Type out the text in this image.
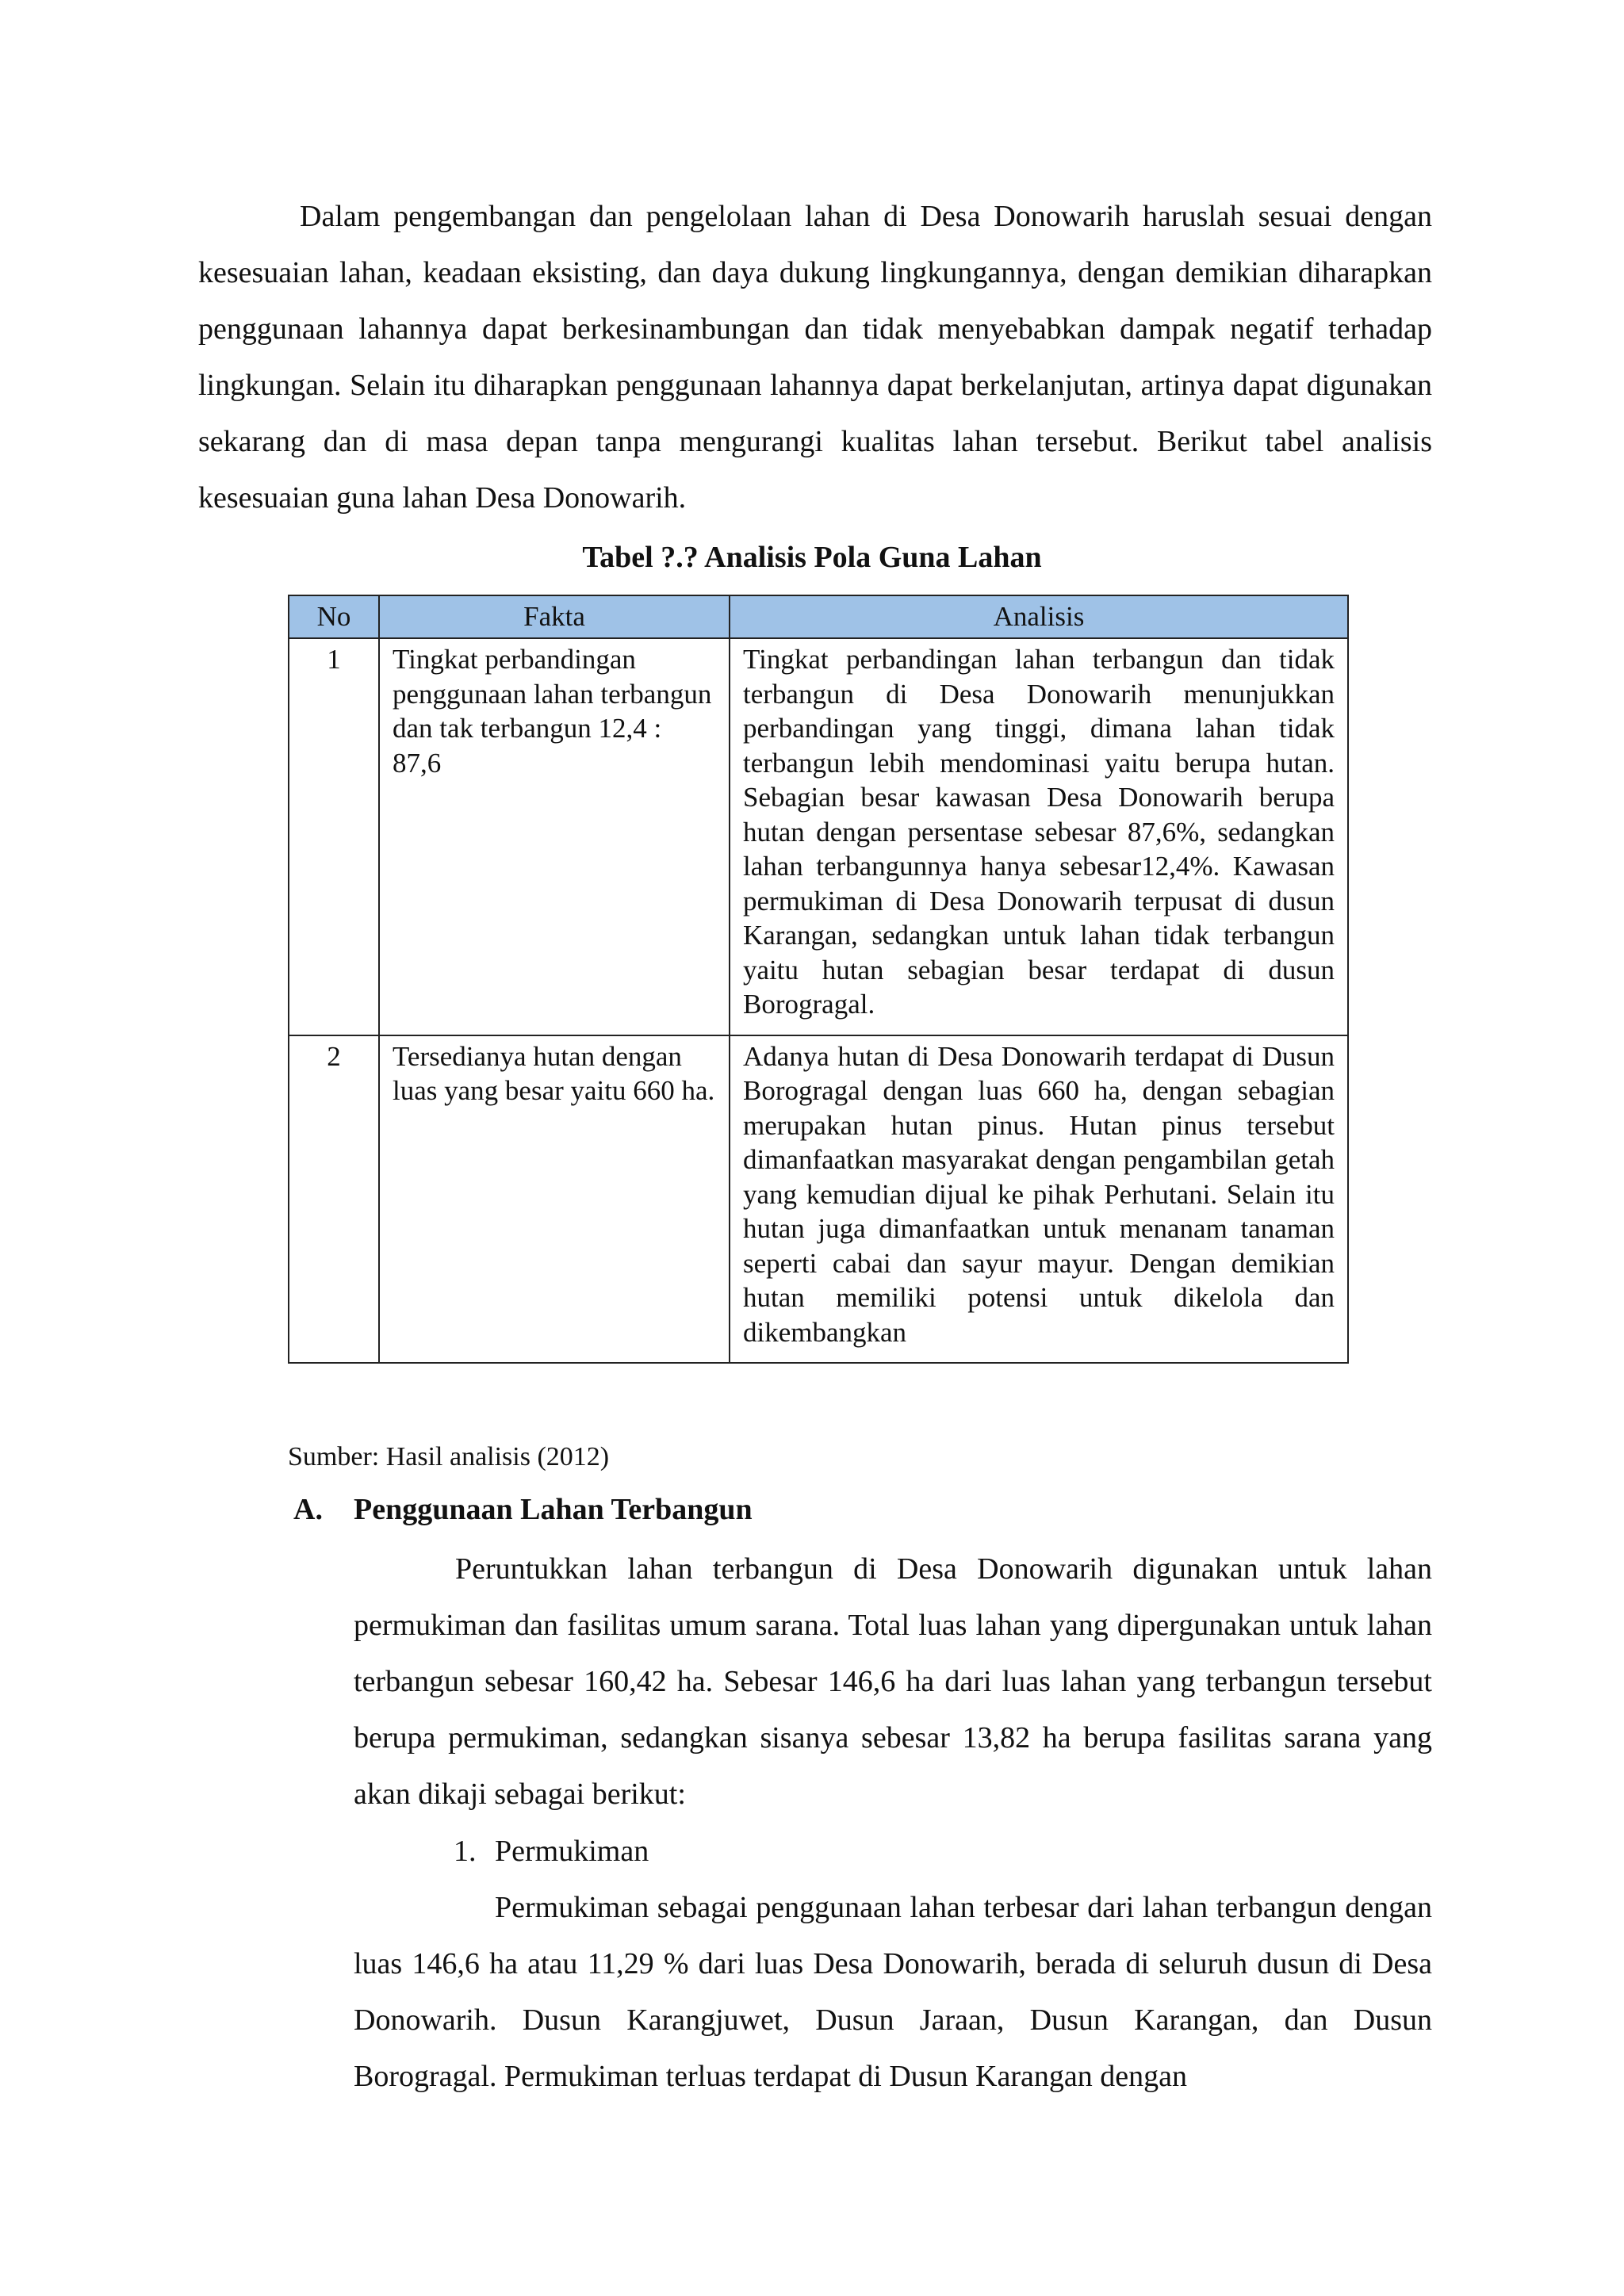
Dalam pengembangan dan pengelolaan lahan di Desa Donowarih haruslah sesuai dengan kesesuaian lahan, keadaan eksisting, dan daya dukung lingkungannya, dengan demikian diharapkan penggunaan lahannya dapat berkesinambungan dan tidak menyebabkan dampak negatif terhadap lingkungan. Selain itu diharapkan penggunaan lahannya dapat berkelanjutan, artinya dapat digunakan sekarang dan di masa depan tanpa mengurangi kualitas lahan tersebut. Berikut tabel analisis kesesuaian guna lahan Desa Donowarih.

Tabel ?.? Analisis Pola Guna Lahan

No	Fakta	Analisis
1	Tingkat perbandingan penggunaan lahan terbangun dan tak terbangun 12,4 : 87,6	Tingkat perbandingan lahan terbangun dan tidak terbangun di Desa Donowarih menunjukkan perbandingan yang tinggi, dimana lahan tidak terbangun lebih mendominasi yaitu berupa hutan. Sebagian besar kawasan Desa Donowarih berupa hutan dengan persentase sebesar 87,6%, sedangkan lahan terbangunnya hanya sebesar12,4%. Kawasan permukiman di Desa Donowarih terpusat di dusun Karangan, sedangkan untuk lahan tidak terbangun yaitu hutan sebagian besar terdapat di dusun Borogragal.
2	Tersedianya hutan dengan luas yang besar yaitu 660 ha.	Adanya hutan di Desa Donowarih terdapat di Dusun Borogragal dengan luas 660 ha, dengan sebagian merupakan hutan pinus. Hutan pinus tersebut dimanfaatkan masyarakat dengan pengambilan getah yang kemudian dijual ke pihak Perhutani. Selain itu hutan juga dimanfaatkan untuk menanam tanaman seperti cabai dan sayur mayur. Dengan demikian hutan memiliki potensi untuk dikelola dan dikembangkan

Sumber: Hasil analisis (2012)

A. Penggunaan Lahan Terbangun

Peruntukkan lahan terbangun di Desa Donowarih digunakan untuk lahan permukiman dan fasilitas umum sarana. Total luas lahan yang dipergunakan untuk lahan terbangun sebesar 160,42 ha. Sebesar 146,6 ha dari luas lahan yang terbangun tersebut berupa permukiman, sedangkan sisanya sebesar 13,82 ha berupa fasilitas sarana yang akan dikaji sebagai berikut:

1. Permukiman

Permukiman sebagai penggunaan lahan terbesar dari lahan terbangun dengan luas 146,6 ha atau 11,29 % dari luas Desa Donowarih, berada di seluruh dusun di Desa Donowarih. Dusun Karangjuwet, Dusun Jaraan, Dusun Karangan, dan Dusun Borogragal. Permukiman terluas terdapat di Dusun Karangan dengan
